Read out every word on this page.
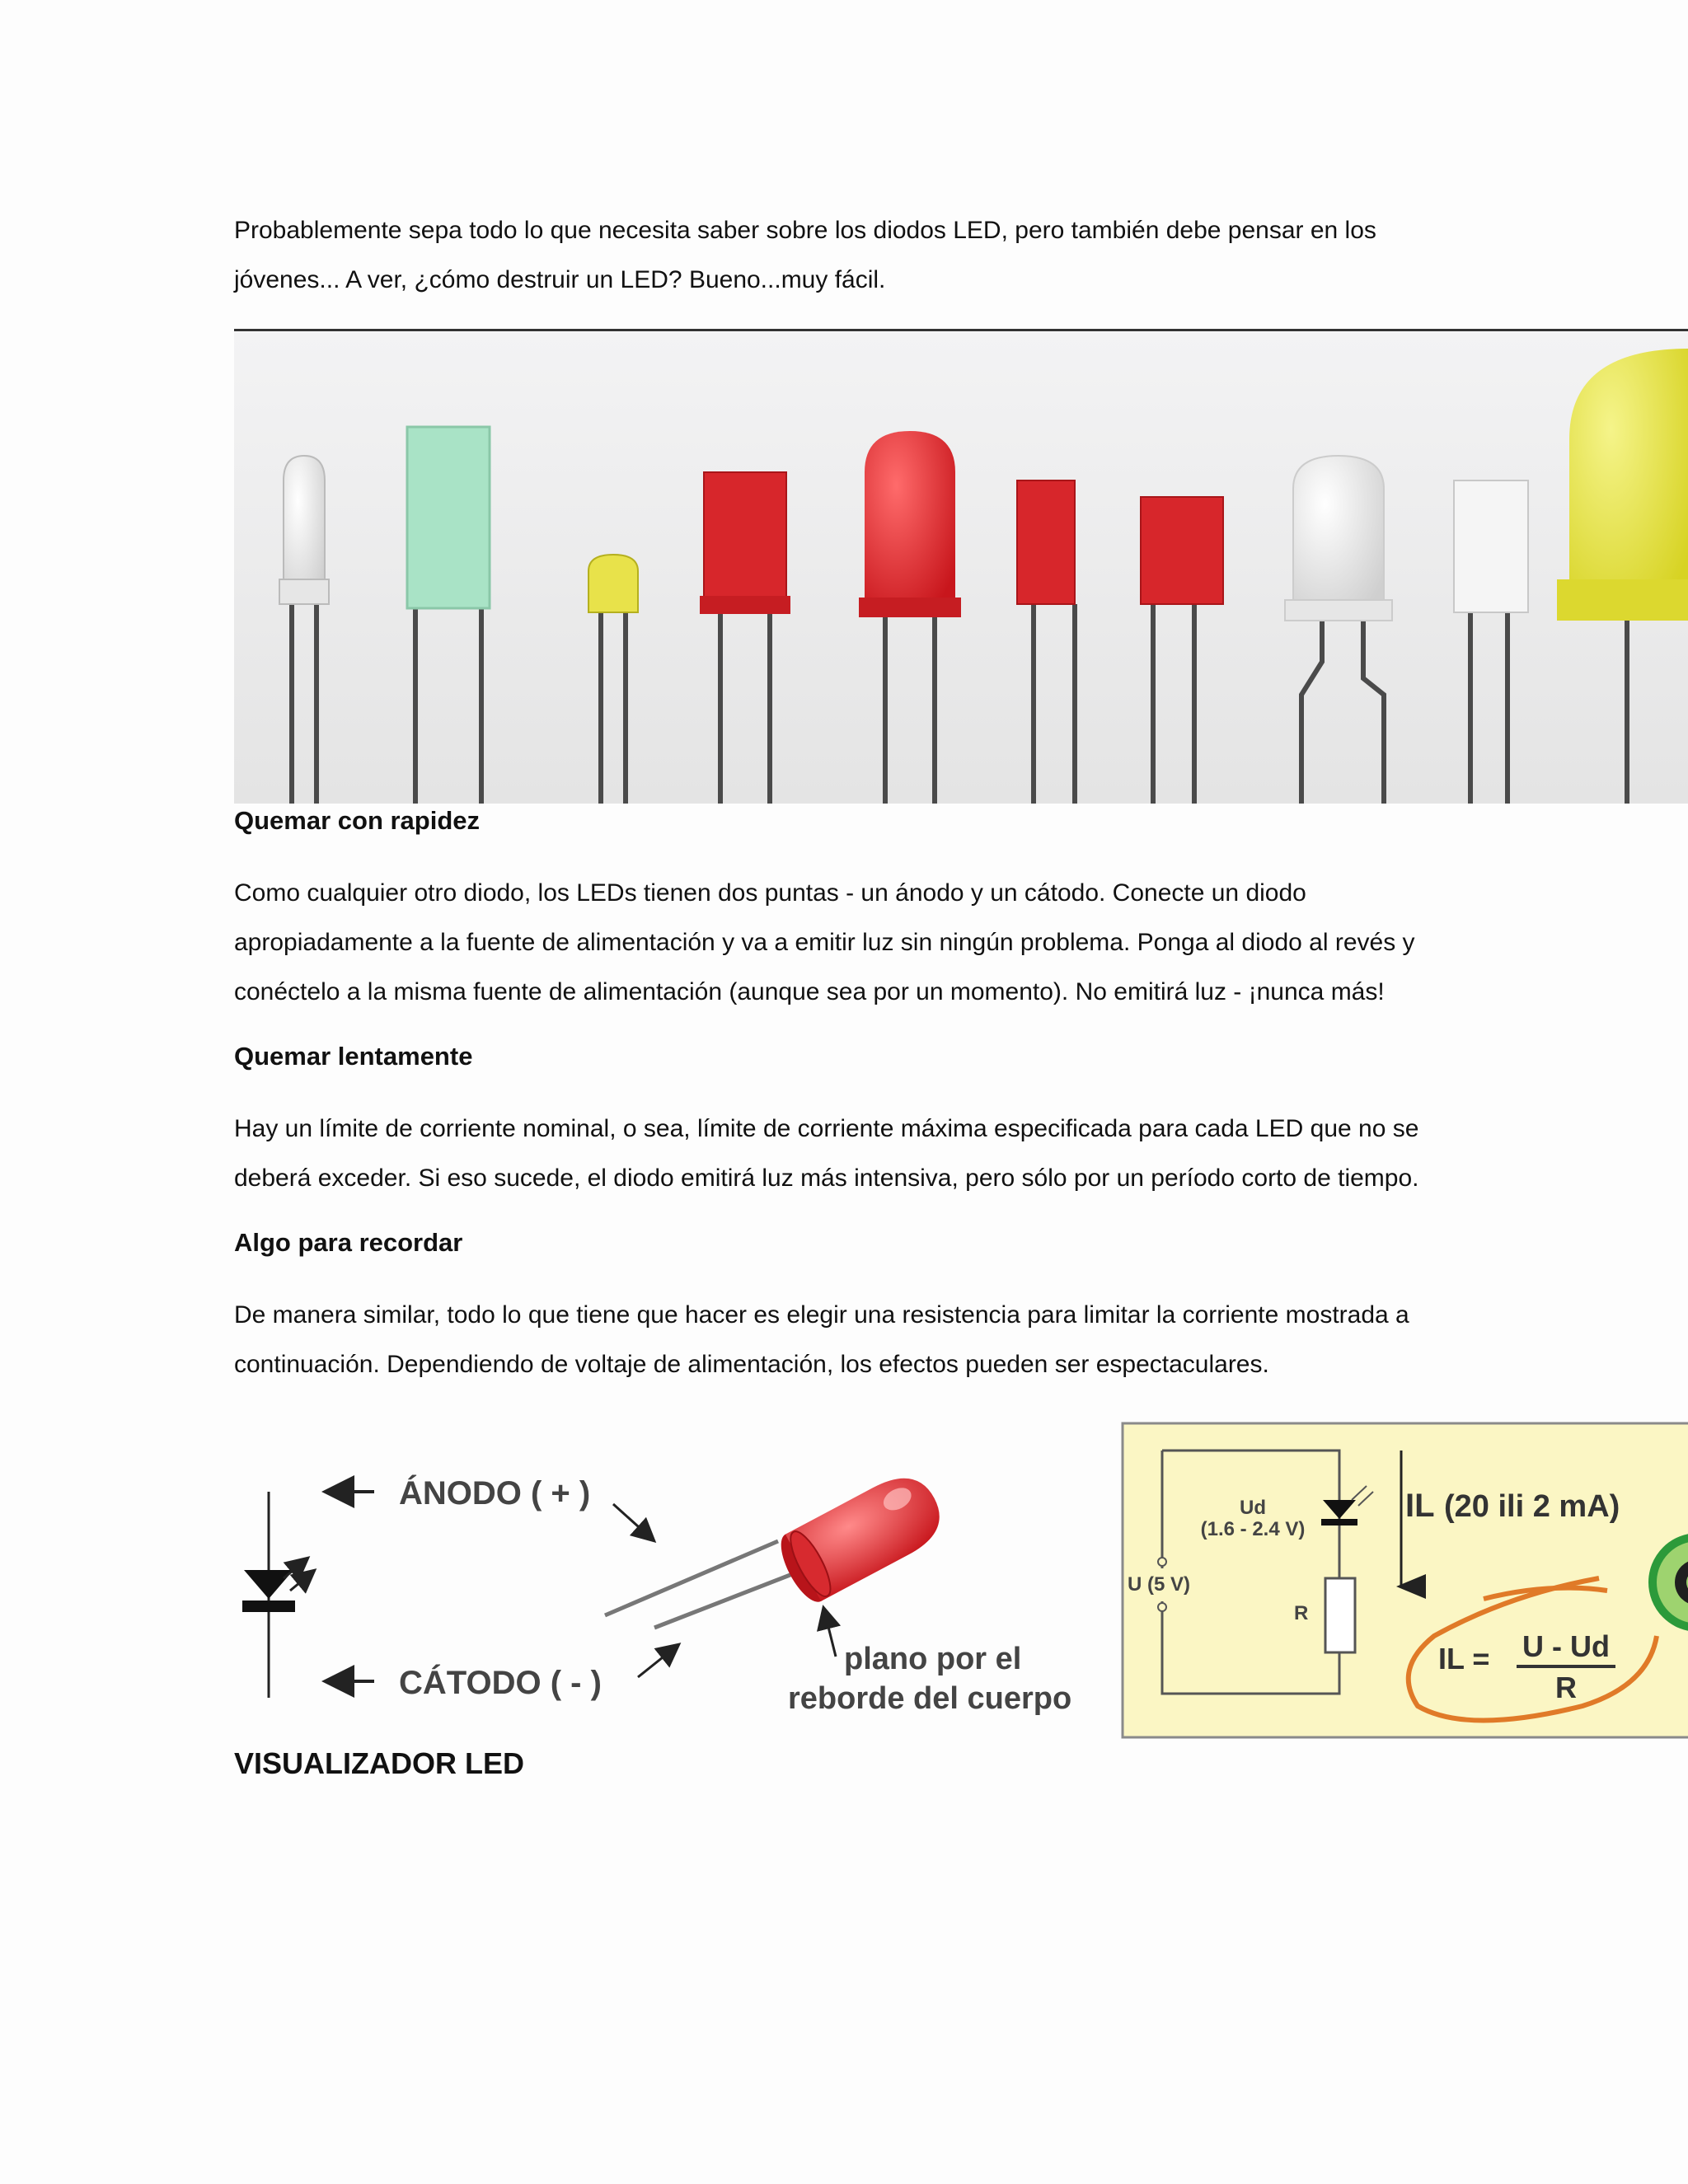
Probablemente sepa todo lo que necesita saber sobre los diodos LED, pero también debe pensar en los

jóvenes... A ver, ¿cómo destruir un LED? Bueno...muy fácil.

Quemar con rapidez

Como cualquier otro diodo, los LEDs tienen dos puntas - un ánodo y un cátodo. Conecte un diodo

apropiadamente a la fuente de alimentación y va a emitir luz sin ningún problema. Ponga al diodo al revés y

conéctelo a la misma fuente de alimentación (aunque sea por un momento). No emitirá luz - ¡nunca más!

Quemar lentamente

Hay un límite de corriente nominal, o sea, límite de corriente máxima especificada para cada LED que no se

deberá exceder. Si eso sucede, el diodo emitirá luz más intensiva, pero sólo por un período corto de tiempo.

Algo para recordar

De manera similar, todo lo que tiene que hacer es elegir una resistencia para limitar la corriente mostrada a

continuación. Dependiendo de voltaje de alimentación, los efectos pueden ser espectaculares.

ÁNODO ( + )
CÁTODO ( - )
plano por el
reborde del cuerpo
Ud
(1.6 - 2.4 V)
U (5 V)
R
IL (20 ili 2 mA)
IL = U - Ud
R
VISUALIZADOR LED
